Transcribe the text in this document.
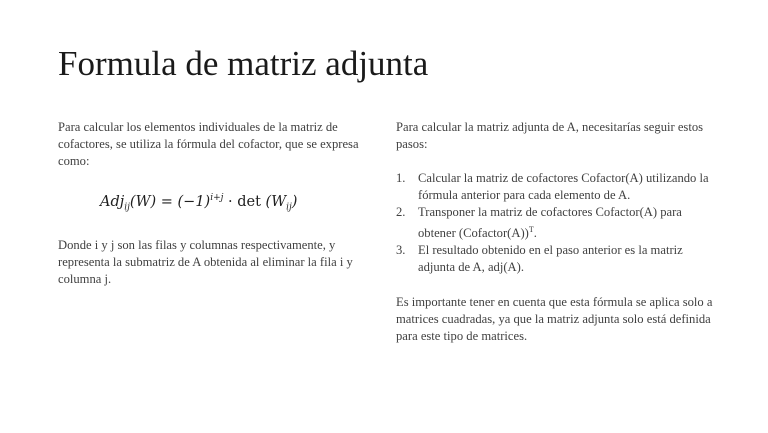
Formula de matriz adjunta

Para calcular los elementos individuales de la matriz de cofactores, se utiliza la fórmula del cofactor, que se expresa como:

$Adj_{ij}(W) = (-1)^{i+j} \cdot \det (W_{ij})$

Donde i y j son las filas y columnas respectivamente, y representa la submatriz de A obtenida al eliminar la fila i y columna j.

Para calcular la matriz adjunta de A, necesitarías seguir estos pasos:

1. Calcular la matriz de cofactores Cofactor(A) utilizando la fórmula anterior para cada elemento de A.
2. Transponer la matriz de cofactores Cofactor(A) para obtener (Cofactor(A))$^T$.
3. El resultado obtenido en el paso anterior es la matriz adjunta de A, adj(A).

Es importante tener en cuenta que esta fórmula se aplica solo a matrices cuadradas, ya que la matriz adjunta solo está definida para este tipo de matrices.
